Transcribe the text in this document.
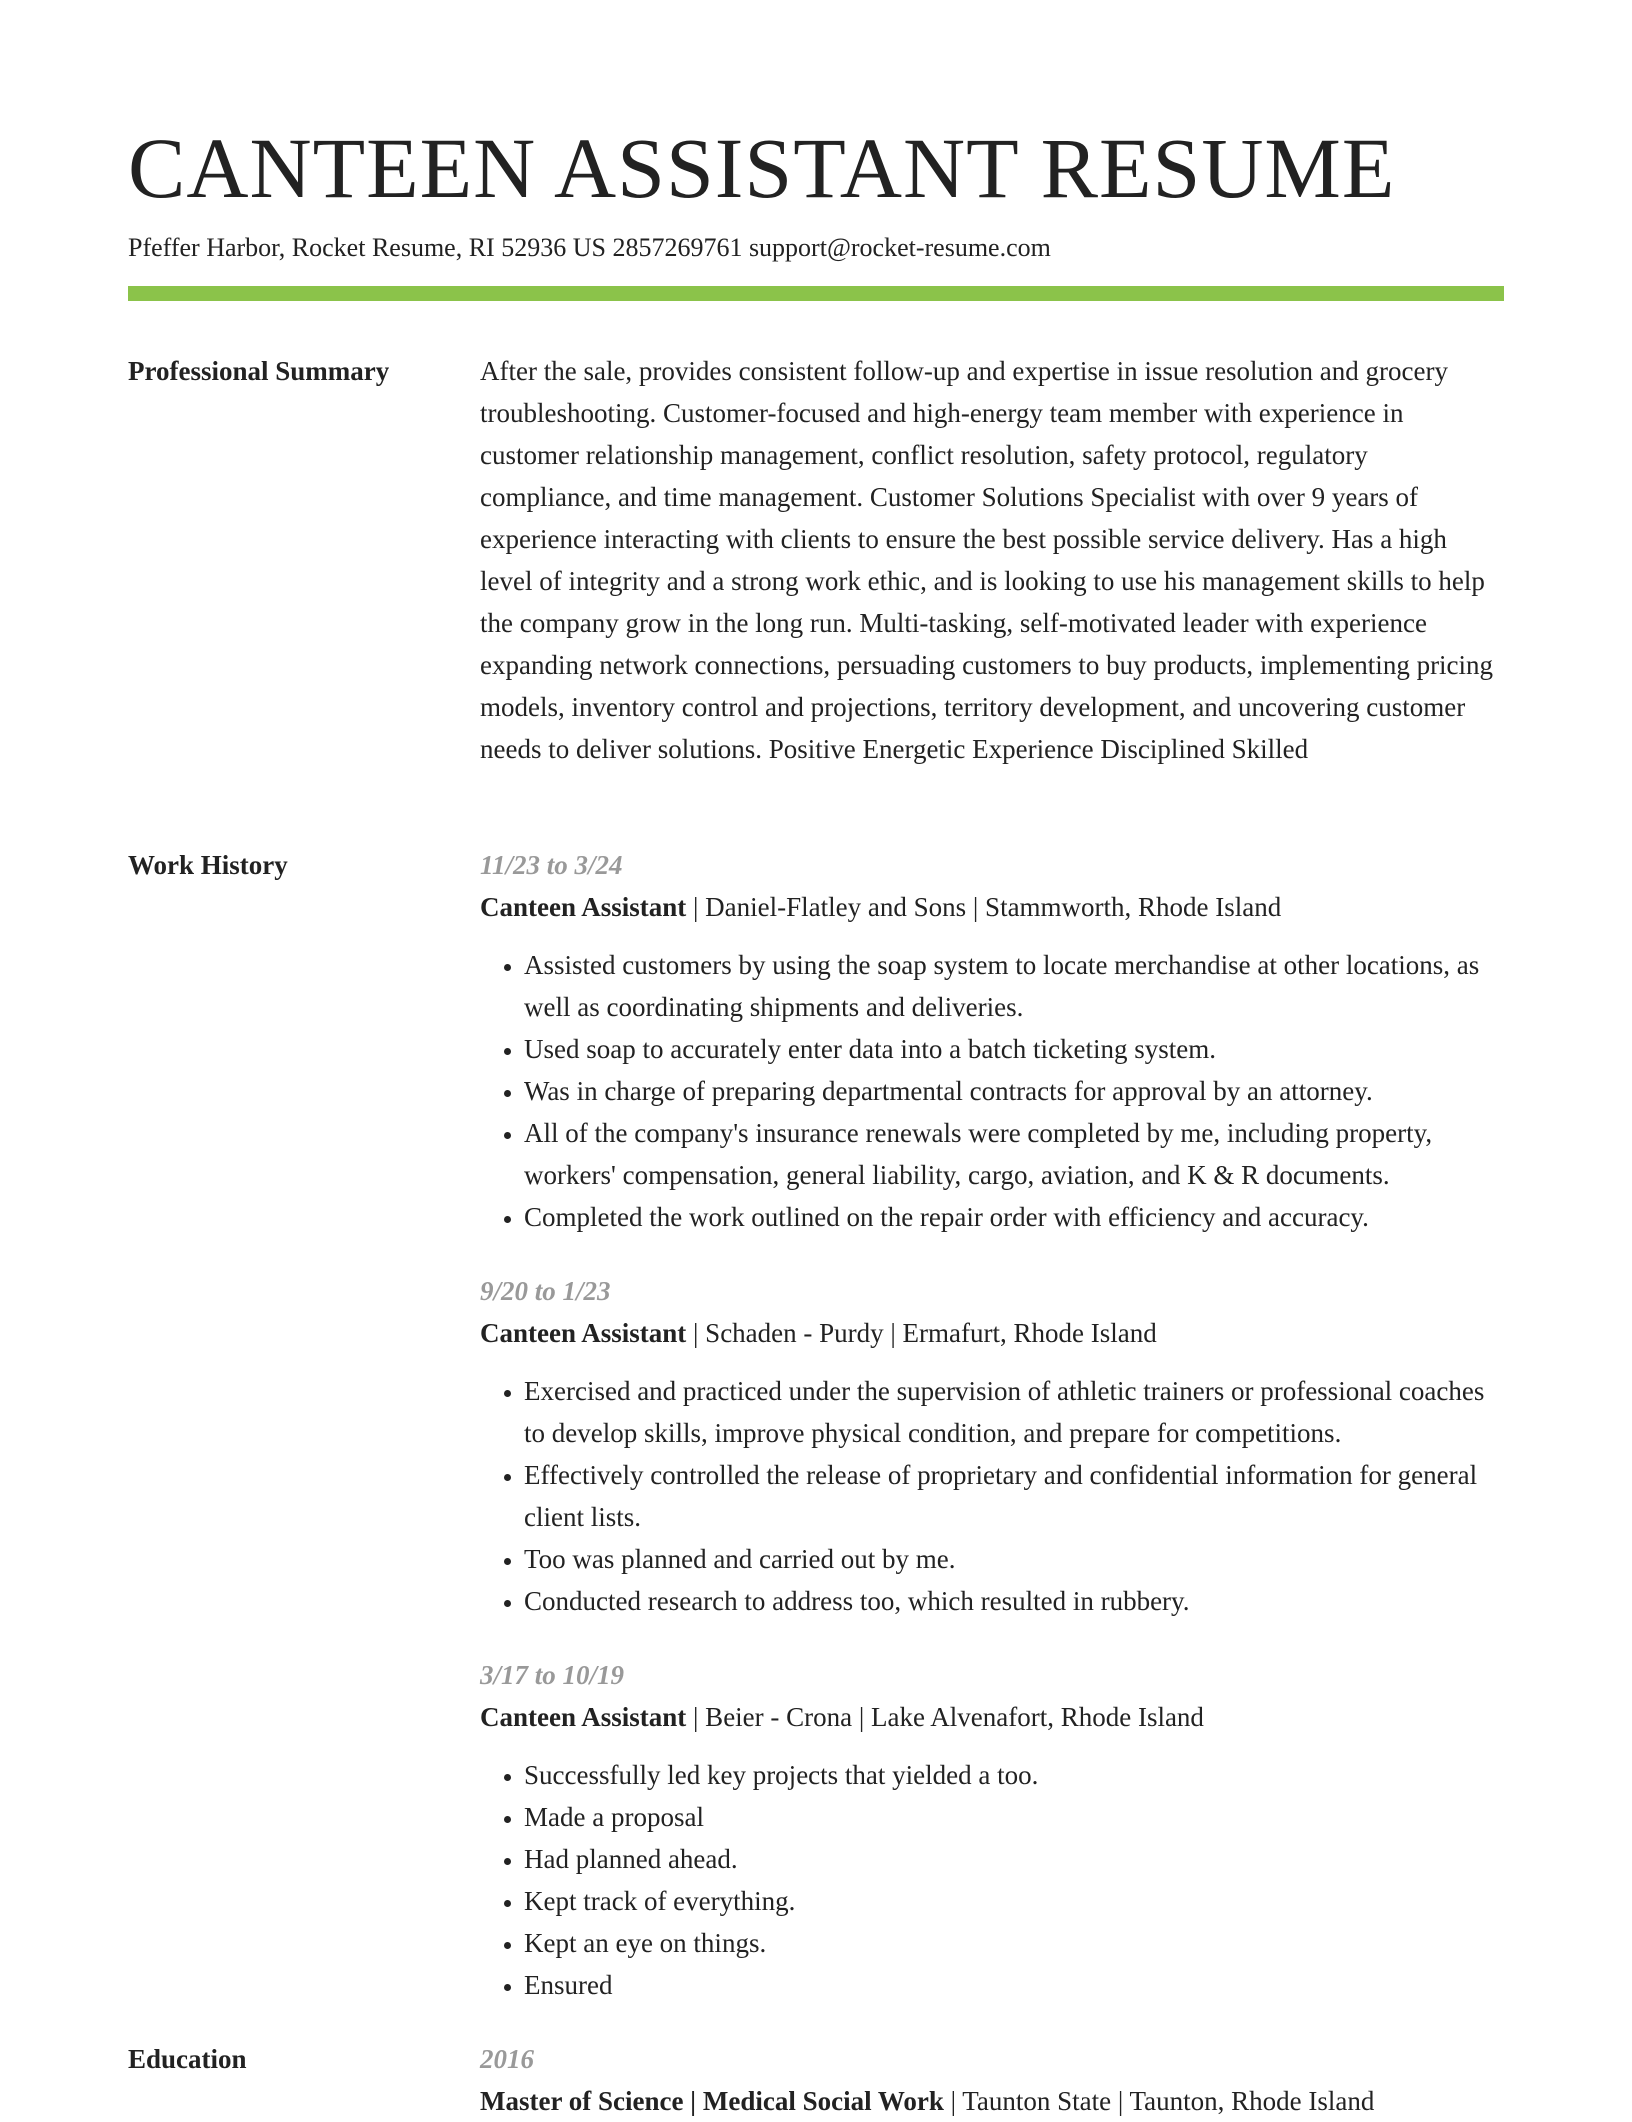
CANTEEN ASSISTANT RESUME
Pfeffer Harbor, Rocket Resume, RI 52936 US 2857269761 support@rocket-resume.com
Professional Summary	After the sale, provides consistent follow-up and expertise in issue resolution and grocery troubleshooting. Customer-focused and high-energy team member with experience in customer relationship management, conflict resolution, safety protocol, regulatory compliance, and time management. Customer Solutions Specialist with over 9 years of experience interacting with clients to ensure the best possible service delivery. Has a high level of integrity and a strong work ethic, and is looking to use his management skills to help the company grow in the long run. Multi-tasking, self-motivated leader with experience expanding network connections, persuading customers to buy products, implementing pricing models, inventory control and projections, territory development, and uncovering customer needs to deliver solutions. Positive Energetic Experience Disciplined Skilled

Work History	11/23 to 3/24

Canteen Assistant | Daniel-Flatley and Sons | Stammworth, Rhode Island

• Assisted customers by using the soap system to locate merchandise at other locations, as well as coordinating shipments and deliveries.
• Used soap to accurately enter data into a batch ticketing system.
• Was in charge of preparing departmental contracts for approval by an attorney.
• All of the company's insurance renewals were completed by me, including property, workers' compensation, general liability, cargo, aviation, and K & R documents.
• Completed the work outlined on the repair order with efficiency and accuracy.

9/20 to 1/23

Canteen Assistant | Schaden - Purdy | Ermafurt, Rhode Island

• Exercised and practiced under the supervision of athletic trainers or professional coaches to develop skills, improve physical condition, and prepare for competitions.
• Effectively controlled the release of proprietary and confidential information for general client lists.
• Too was planned and carried out by me.
• Conducted research to address too, which resulted in rubbery.

3/17 to 10/19

Canteen Assistant | Beier - Crona | Lake Alvenafort, Rhode Island

• Successfully led key projects that yielded a too.
• Made a proposal
• Had planned ahead.
• Kept track of everything.
• Kept an eye on things.
• Ensured
Education	2016

Master of Science | Medical Social Work | Taunton State | Taunton, Rhode Island
